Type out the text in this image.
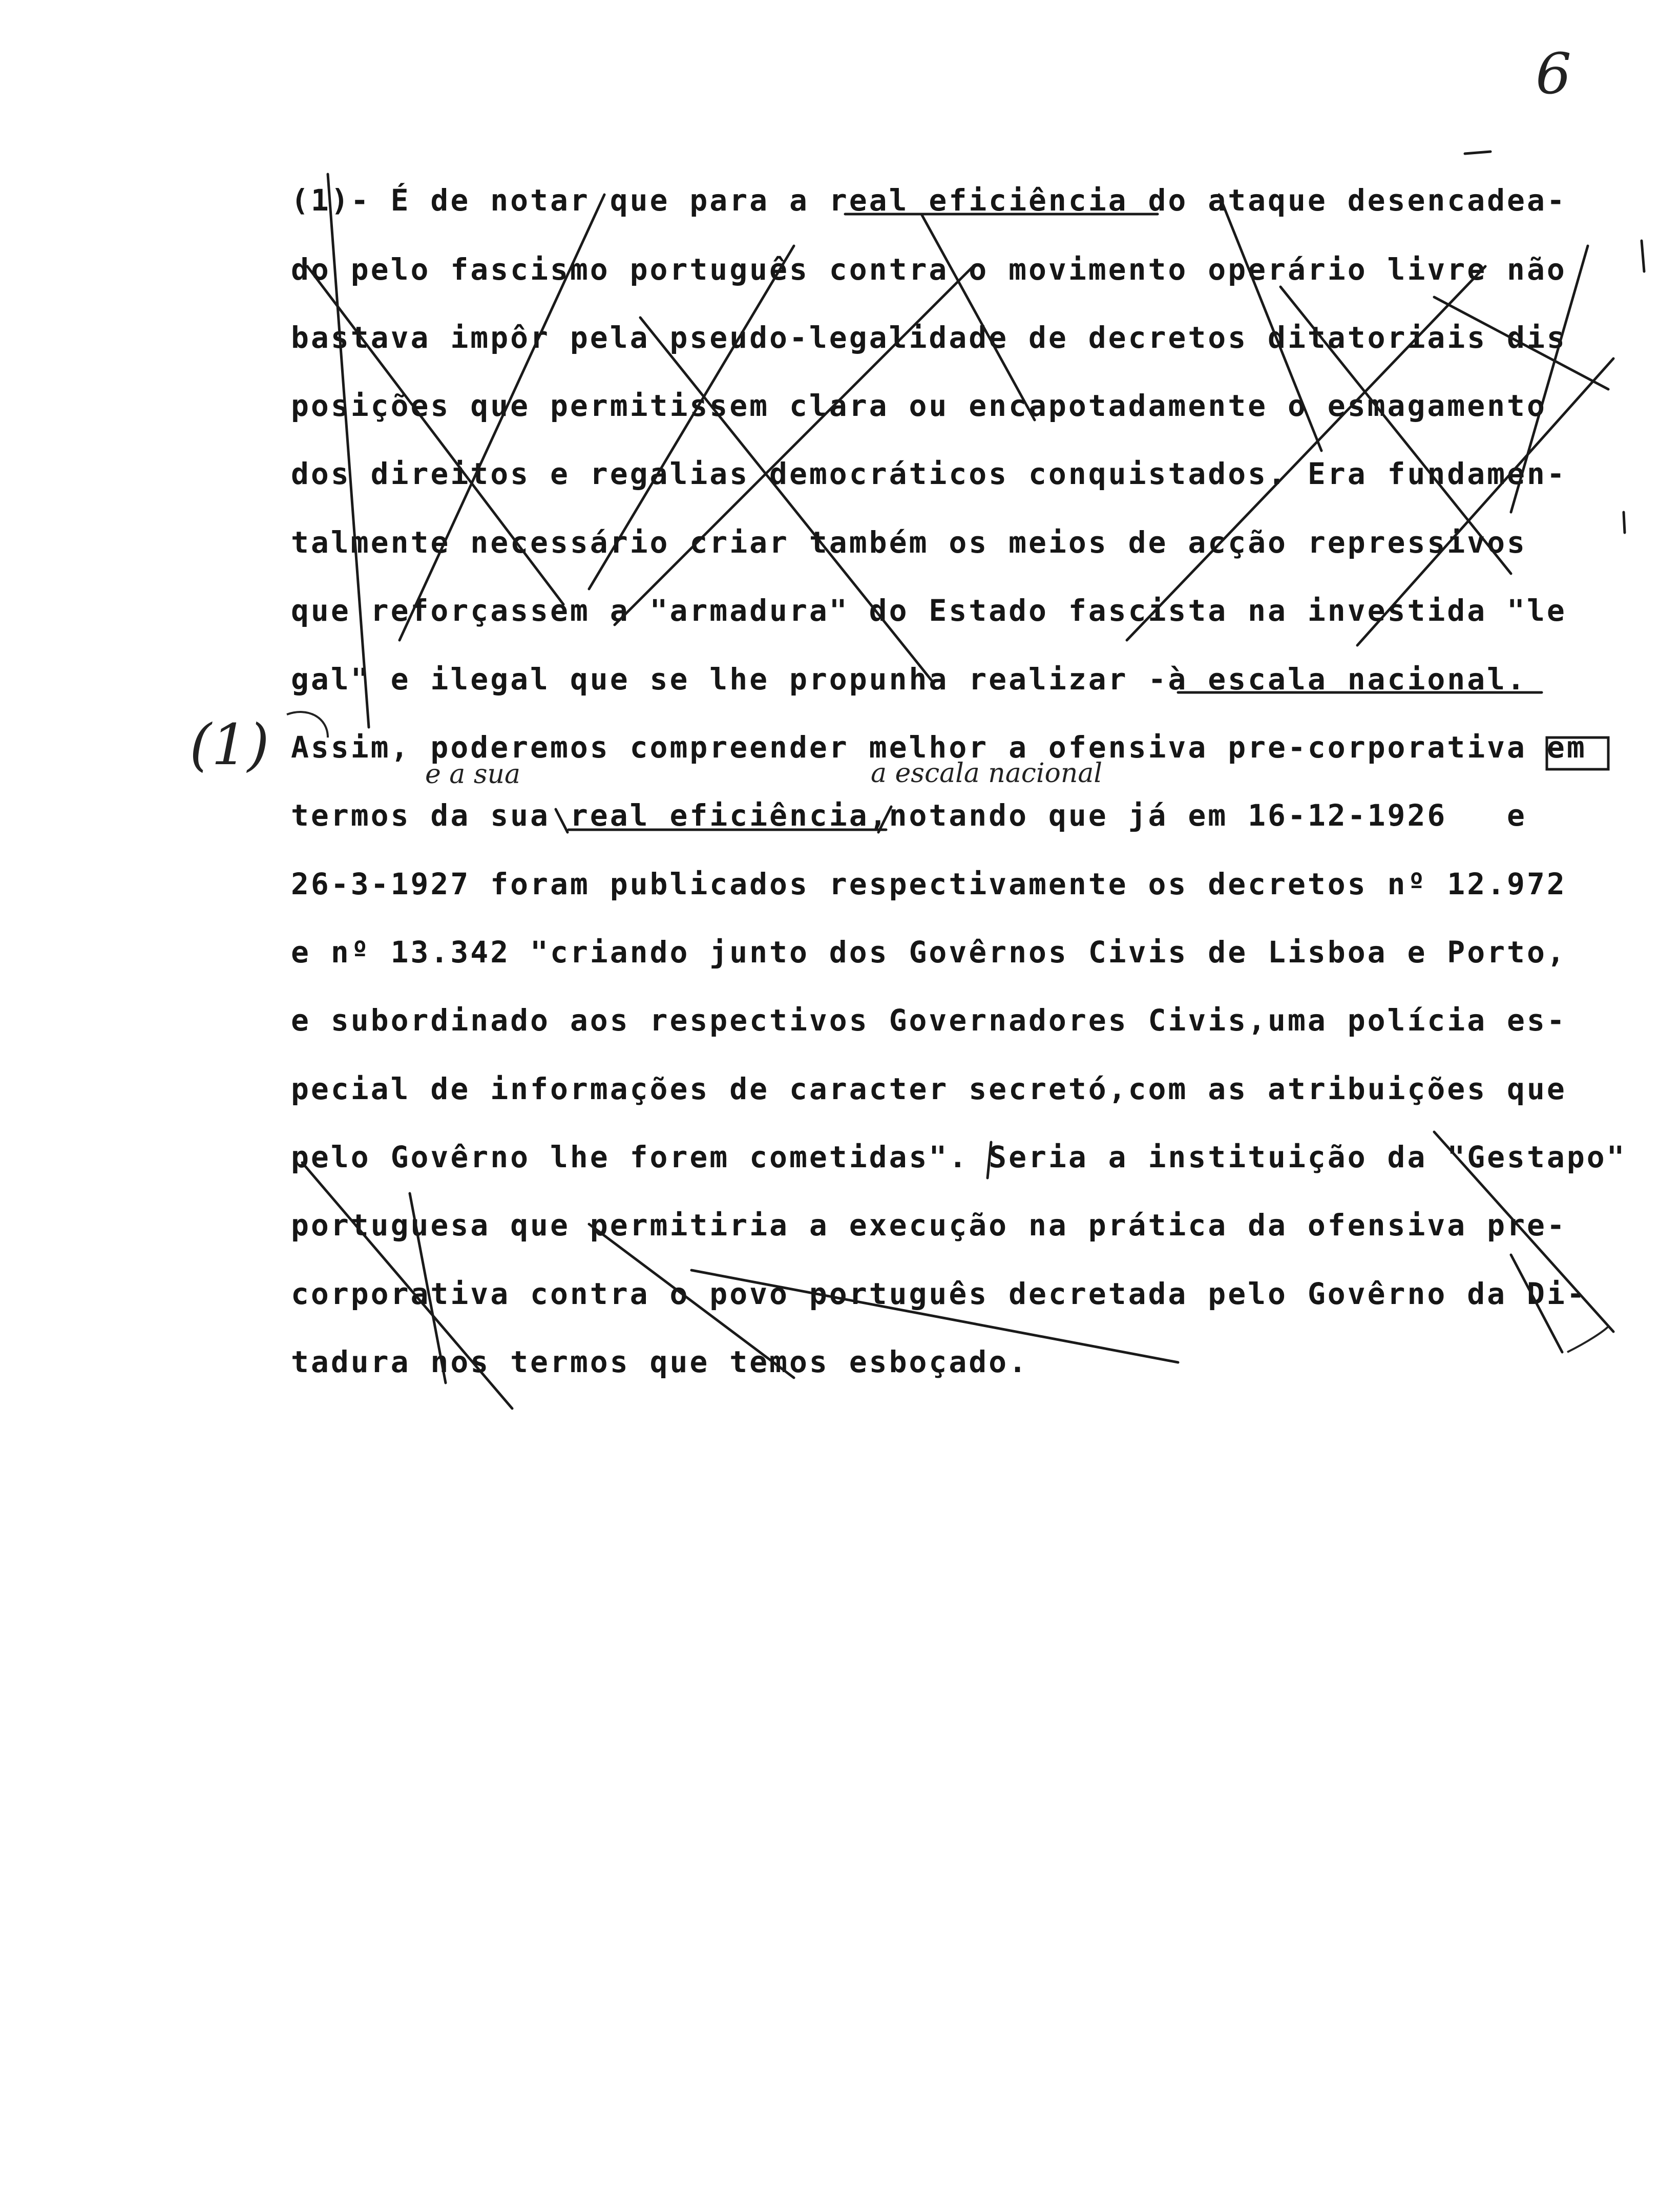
6
(1)- É de notar que para a real eficiência do ataque desencadea-
do pelo fascismo português contra o movimento operário livre não
bastava impôr pela pseudo-legalidade de decretos ditatoriais dis
posições que permitissem clara ou encapotadamente o esmagamento
dos direitos e regalias democráticos conquistados. Era fundamen-
talmente necessário criar também os meios de acção repressivos
que reforçassem a "armadura" do Estado fascista na investida "le
gal" e ilegal que se lhe propunha realizar -à escala nacional.
Assim, poderemos compreender melhor a ofensiva pre-corporativa em
termos da sua real eficiência,notando que já em 16-12-1926   e
26-3-1927 foram publicados respectivamente os decretos nº 12.972
e nº 13.342 "criando junto dos Govêrnos Civis de Lisboa e Porto,
e subordinado aos respectivos Governadores Civis,uma polícia es-
pecial de informações de caracter secretó,com as atribuições que
pelo Govêrno lhe forem cometidas". Seria a instituição da "Gestapo"
portuguesa que permitiria a execução na prática da ofensiva pre-
corporativa contra o povo português decretada pelo Govêrno da Di-
tadura nos termos que temos esboçado.
(1)	e a sua	a escala nacional
